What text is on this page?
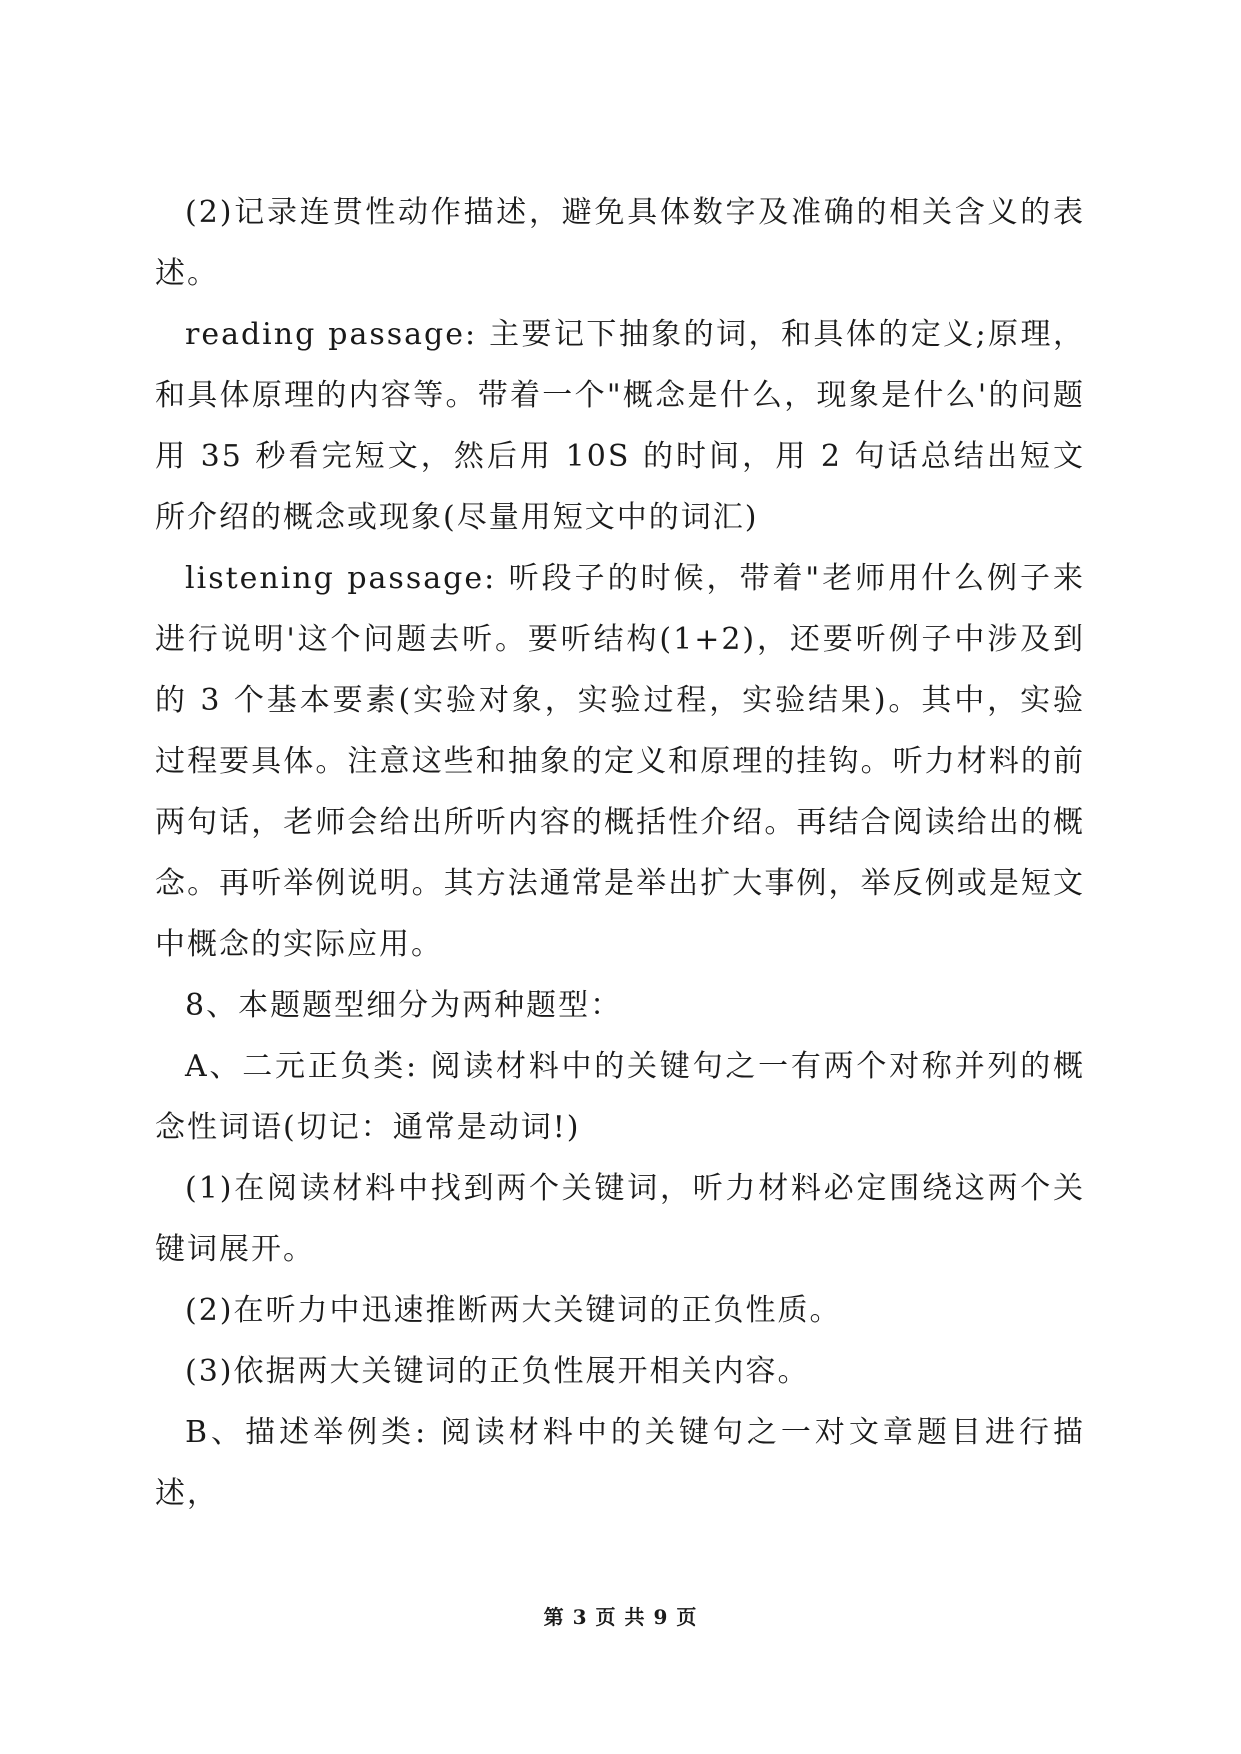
(2)记录连贯性动作描述，避免具体数字及准确的相关含义的表述。

reading passage: 主要记下抽象的词，和具体的定义;原理，和具体原理的内容等。带着一个"概念是什么，现象是什么'的问题用 35 秒看完短文，然后用 10S 的时间，用 2 句话总结出短文所介绍的概念或现象(尽量用短文中的词汇)

listening passage: 听段子的时候，带着"老师用什么例子来进行说明'这个问题去听。要听结构(1+2)，还要听例子中涉及到的 3 个基本要素(实验对象，实验过程，实验结果)。其中，实验过程要具体。注意这些和抽象的定义和原理的挂钩。听力材料的前两句话，老师会给出所听内容的概括性介绍。再结合阅读给出的概念。再听举例说明。其方法通常是举出扩大事例，举反例或是短文中概念的实际应用。

8、本题题型细分为两种题型：

A、二元正负类: 阅读材料中的关键句之一有两个对称并列的概念性词语(切记：通常是动词!)

(1)在阅读材料中找到两个关键词，听力材料必定围绕这两个关键词展开。

(2)在听力中迅速推断两大关键词的正负性质。

(3)依据两大关键词的正负性展开相关内容。

B、描述举例类: 阅读材料中的关键句之一对文章题目进行描述，

第 3 页 共 9 页
